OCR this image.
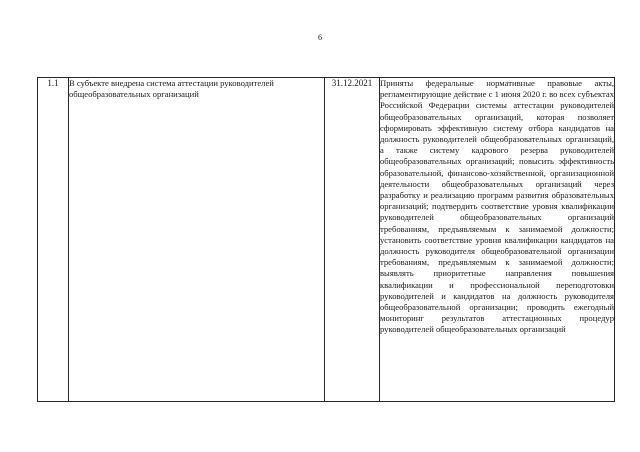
6
1.1	В субъекте внедрена система аттестации руководителей общеобразовательных организаций	31.12.2021	Приняты федеральные нормативные правовые акты, регламентирующие действие с 1 июня 2020 г. во всех субъектах Российской Федерации системы аттестации руководителей общеобразовательных организаций, которая позволяет сформировать эффективную систему отбора кандидатов на должность руководителей общеобразовательных организаций, а также систему кадрового резерва руководителей общеобразовательных организаций; повысить эффективность образовательной, финансово-хозяйственной, организационной деятельности общеобразовательных организаций через разработку и реализацию программ развития образовательных организаций; подтвердить соответствие уровня квалификации руководителей общеобразовательных организаций требованиям, предъявляемым к занимаемой должности; установить соответствие уровня квалификации кандидатов на должность руководителя общеобразовательной организации требованиям, предъявляемым к занимаемой должности; выявлять приоритетные направления повышения квалификации и профессиональной переподготовки руководителей и кандидатов на должность руководителя общеобразовательной организации; проводить ежегодный мониторинг результатов аттестационных процедур руководителей общеобразовательных организаций
